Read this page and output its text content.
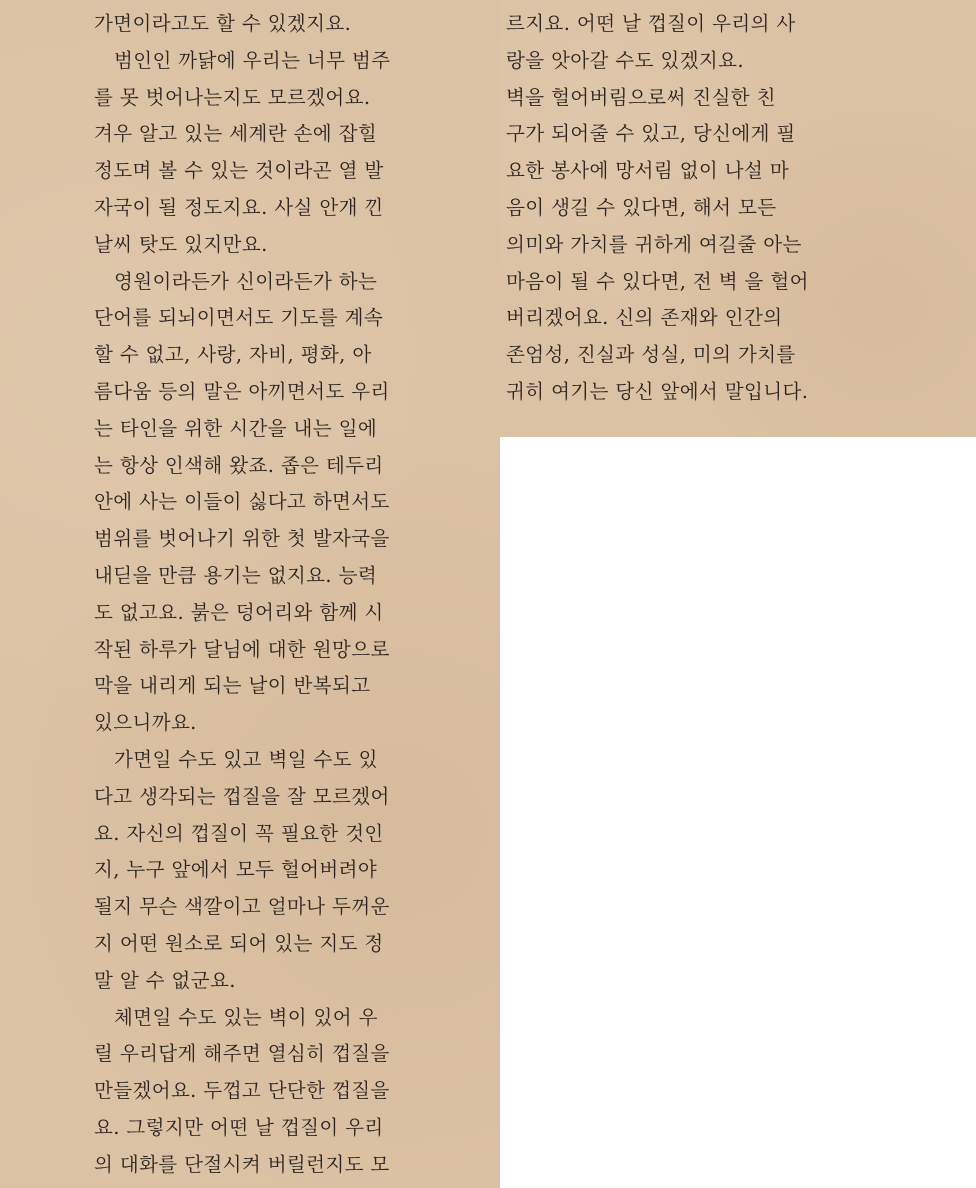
가면이라고도 할 수 있겠지요.
범인인 까닭에 우리는 너무 범주
를 못 벗어나는지도 모르겠어요.
겨우 알고 있는 세계란 손에 잡힐
정도며 볼 수 있는 것이라곤 열 발
자국이 될 정도지요. 사실 안개 낀
날씨 탓도 있지만요.
영원이라든가 신이라든가 하는
단어를 되뇌이면서도 기도를 계속
할 수 없고, 사랑, 자비, 평화, 아
름다움 등의 말은 아끼면서도 우리
는 타인을 위한 시간을 내는 일에
는 항상 인색해 왔죠. 좁은 테두리
안에 사는 이들이 싫다고 하면서도
범위를 벗어나기 위한 첫 발자국을
내딛을 만큼 용기는 없지요. 능력
도 없고요. 붉은 덩어리와 함께 시
작된 하루가 달님에 대한 원망으로
막을 내리게 되는 날이 반복되고
있으니까요.
가면일 수도 있고 벽일 수도 있
다고 생각되는 껍질을 잘 모르겠어
요. 자신의 껍질이 꼭 필요한 것인
지, 누구 앞에서 모두 헐어버려야
될지 무슨 색깔이고 얼마나 두꺼운
지 어떤 원소로 되어 있는 지도 정
말 알 수 없군요.
체면일 수도 있는 벽이 있어 우
릴 우리답게 해주면 열심히 껍질을
만들겠어요. 두껍고 단단한 껍질을
요. 그렇지만 어떤 날 껍질이 우리
의 대화를 단절시켜 버릴런지도 모
르지요. 어떤 날 껍질이 우리의 사
랑을 앗아갈 수도 있겠지요.
벽을 헐어버림으로써 진실한 친
구가 되어줄 수 있고, 당신에게 필
요한 봉사에 망서림 없이 나설 마
음이 생길 수 있다면, 해서 모든
의미와 가치를 귀하게 여길줄 아는
마음이 될 수 있다면, 전 벽 을 헐어
버리겠어요. 신의 존재와 인간의
존엄성, 진실과 성실, 미의 가치를
귀히 여기는 당신 앞에서 말입니다.
